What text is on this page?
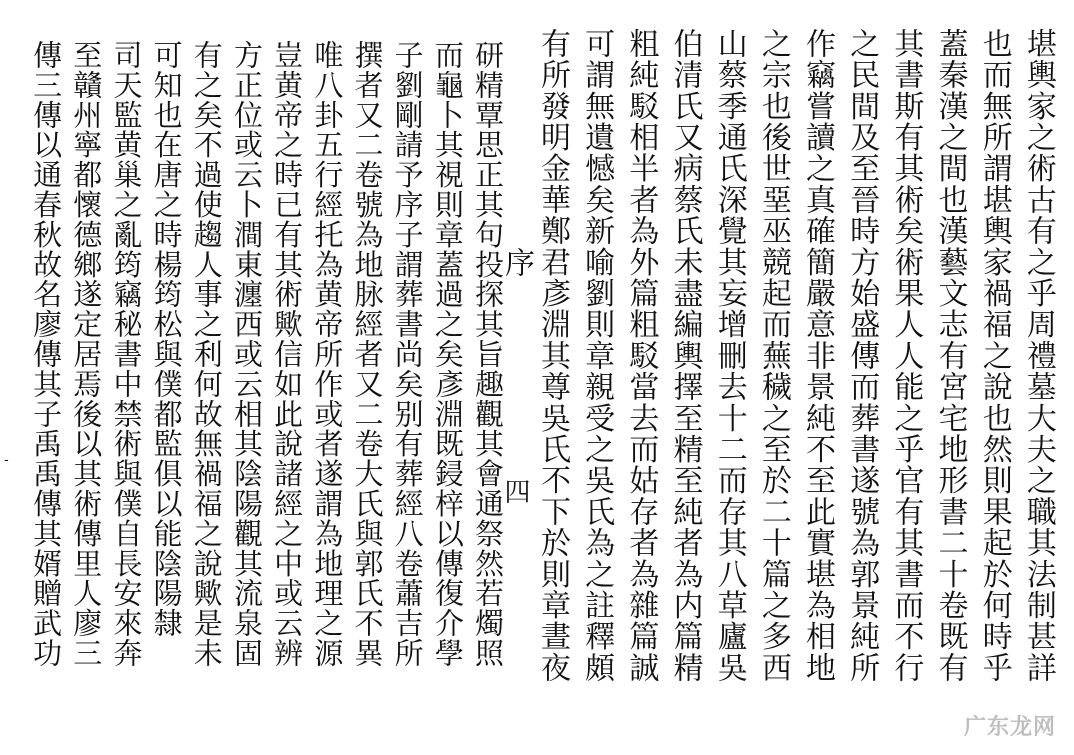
堪輿家之術古有之乎周禮墓大夫之職其法制甚詳
也而無所謂堪輿家禍福之說也然則果起於何時乎
蓋秦漢之間也漢藝文志有宮宅地形書二十卷既有
其書斯有其術矣術果人人能之乎官有其書而不行
之民間及至晉時方始盛傳而葬書遂號為郭景純所
作竊嘗讀之真確簡嚴意非景純不至此實堪為相地
之宗也後世堊巫競起而蕪穢之至於二十篇之多西
山蔡季通氏深覺其妄增刪去十二而存其八草廬吳
伯清氏又病蔡氏未盡編輿擇至精至純者為内篇精
粗純駁相半者為外篇粗駁當去而姑存者為雜篇誠
可謂無遺憾矣新喻劉則章親受之吳氏為之註釋頗
有所發明金華鄭君彥淵其尊吳氏不下於則章晝夜
序
四
研精覃思正其句投探其旨趣觀其會通祭然若燭照
而龜卜其視則章蓋過之矣彥淵既鋟梓以傳復介學
子劉剛請予序子謂葬書尚矣别有葬經八卷蕭吉所
撰者又二卷號為地脉經者又二卷大氏與郭氏不異
唯八卦五行經托為黄帝所作或者遂謂為地理之源
豈黄帝之時已有其術歟信如此說諸經之中或云辨
方正位或云卜澗東瀍西或云相其陰陽觀其流泉固
有之矣不過使趨人事之利何故無禍福之說歟是未
可知也在唐之時楊筠松與僕都監俱以能陰陽隸
司天監黄巢之亂筠竊秘書中禁術與僕自長安來奔
至贛州寧都懷德鄉遂定居焉後以其術傳里人廖三
傳三傳以通春秋故名廖傳其子禹禹傳其婿贈武功
-
广东龙网
